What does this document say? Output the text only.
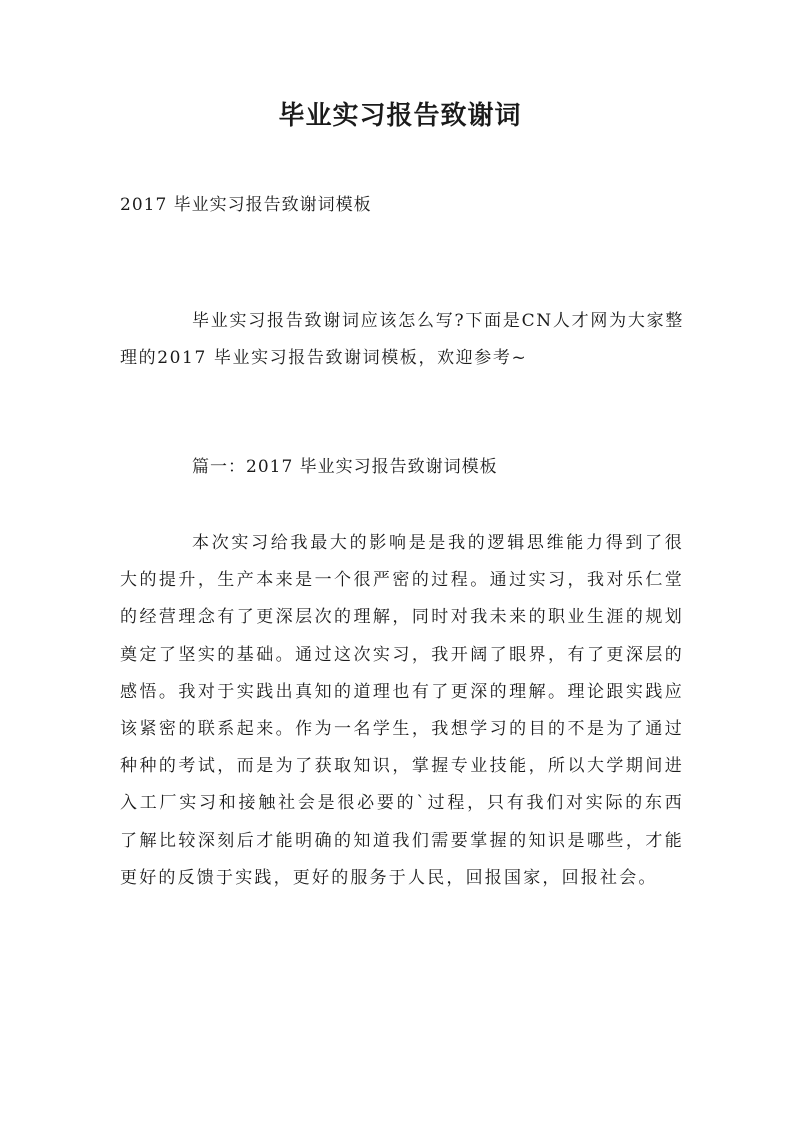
毕业实习报告致谢词

2017 毕业实习报告致谢词模板

毕业实习报告致谢词应该怎么写?下面是CN人才网为大家整理的2017 毕业实习报告致谢词模板，欢迎参考~

篇一：2017 毕业实习报告致谢词模板

本次实习给我最大的影响是是我的逻辑思维能力得到了很大的提升，生产本来是一个很严密的过程。通过实习，我对乐仁堂的经营理念有了更深层次的理解，同时对我未来的职业生涯的规划奠定了坚实的基础。通过这次实习，我开阔了眼界，有了更深层的感悟。我对于实践出真知的道理也有了更深的理解。理论跟实践应该紧密的联系起来。作为一名学生，我想学习的目的不是为了通过种种的考试，而是为了获取知识，掌握专业技能，所以大学期间进入工厂实习和接触社会是很必要的`过程，只有我们对实际的东西了解比较深刻后才能明确的知道我们需要掌握的知识是哪些，才能更好的反馈于实践，更好的服务于人民，回报国家，回报社会。
